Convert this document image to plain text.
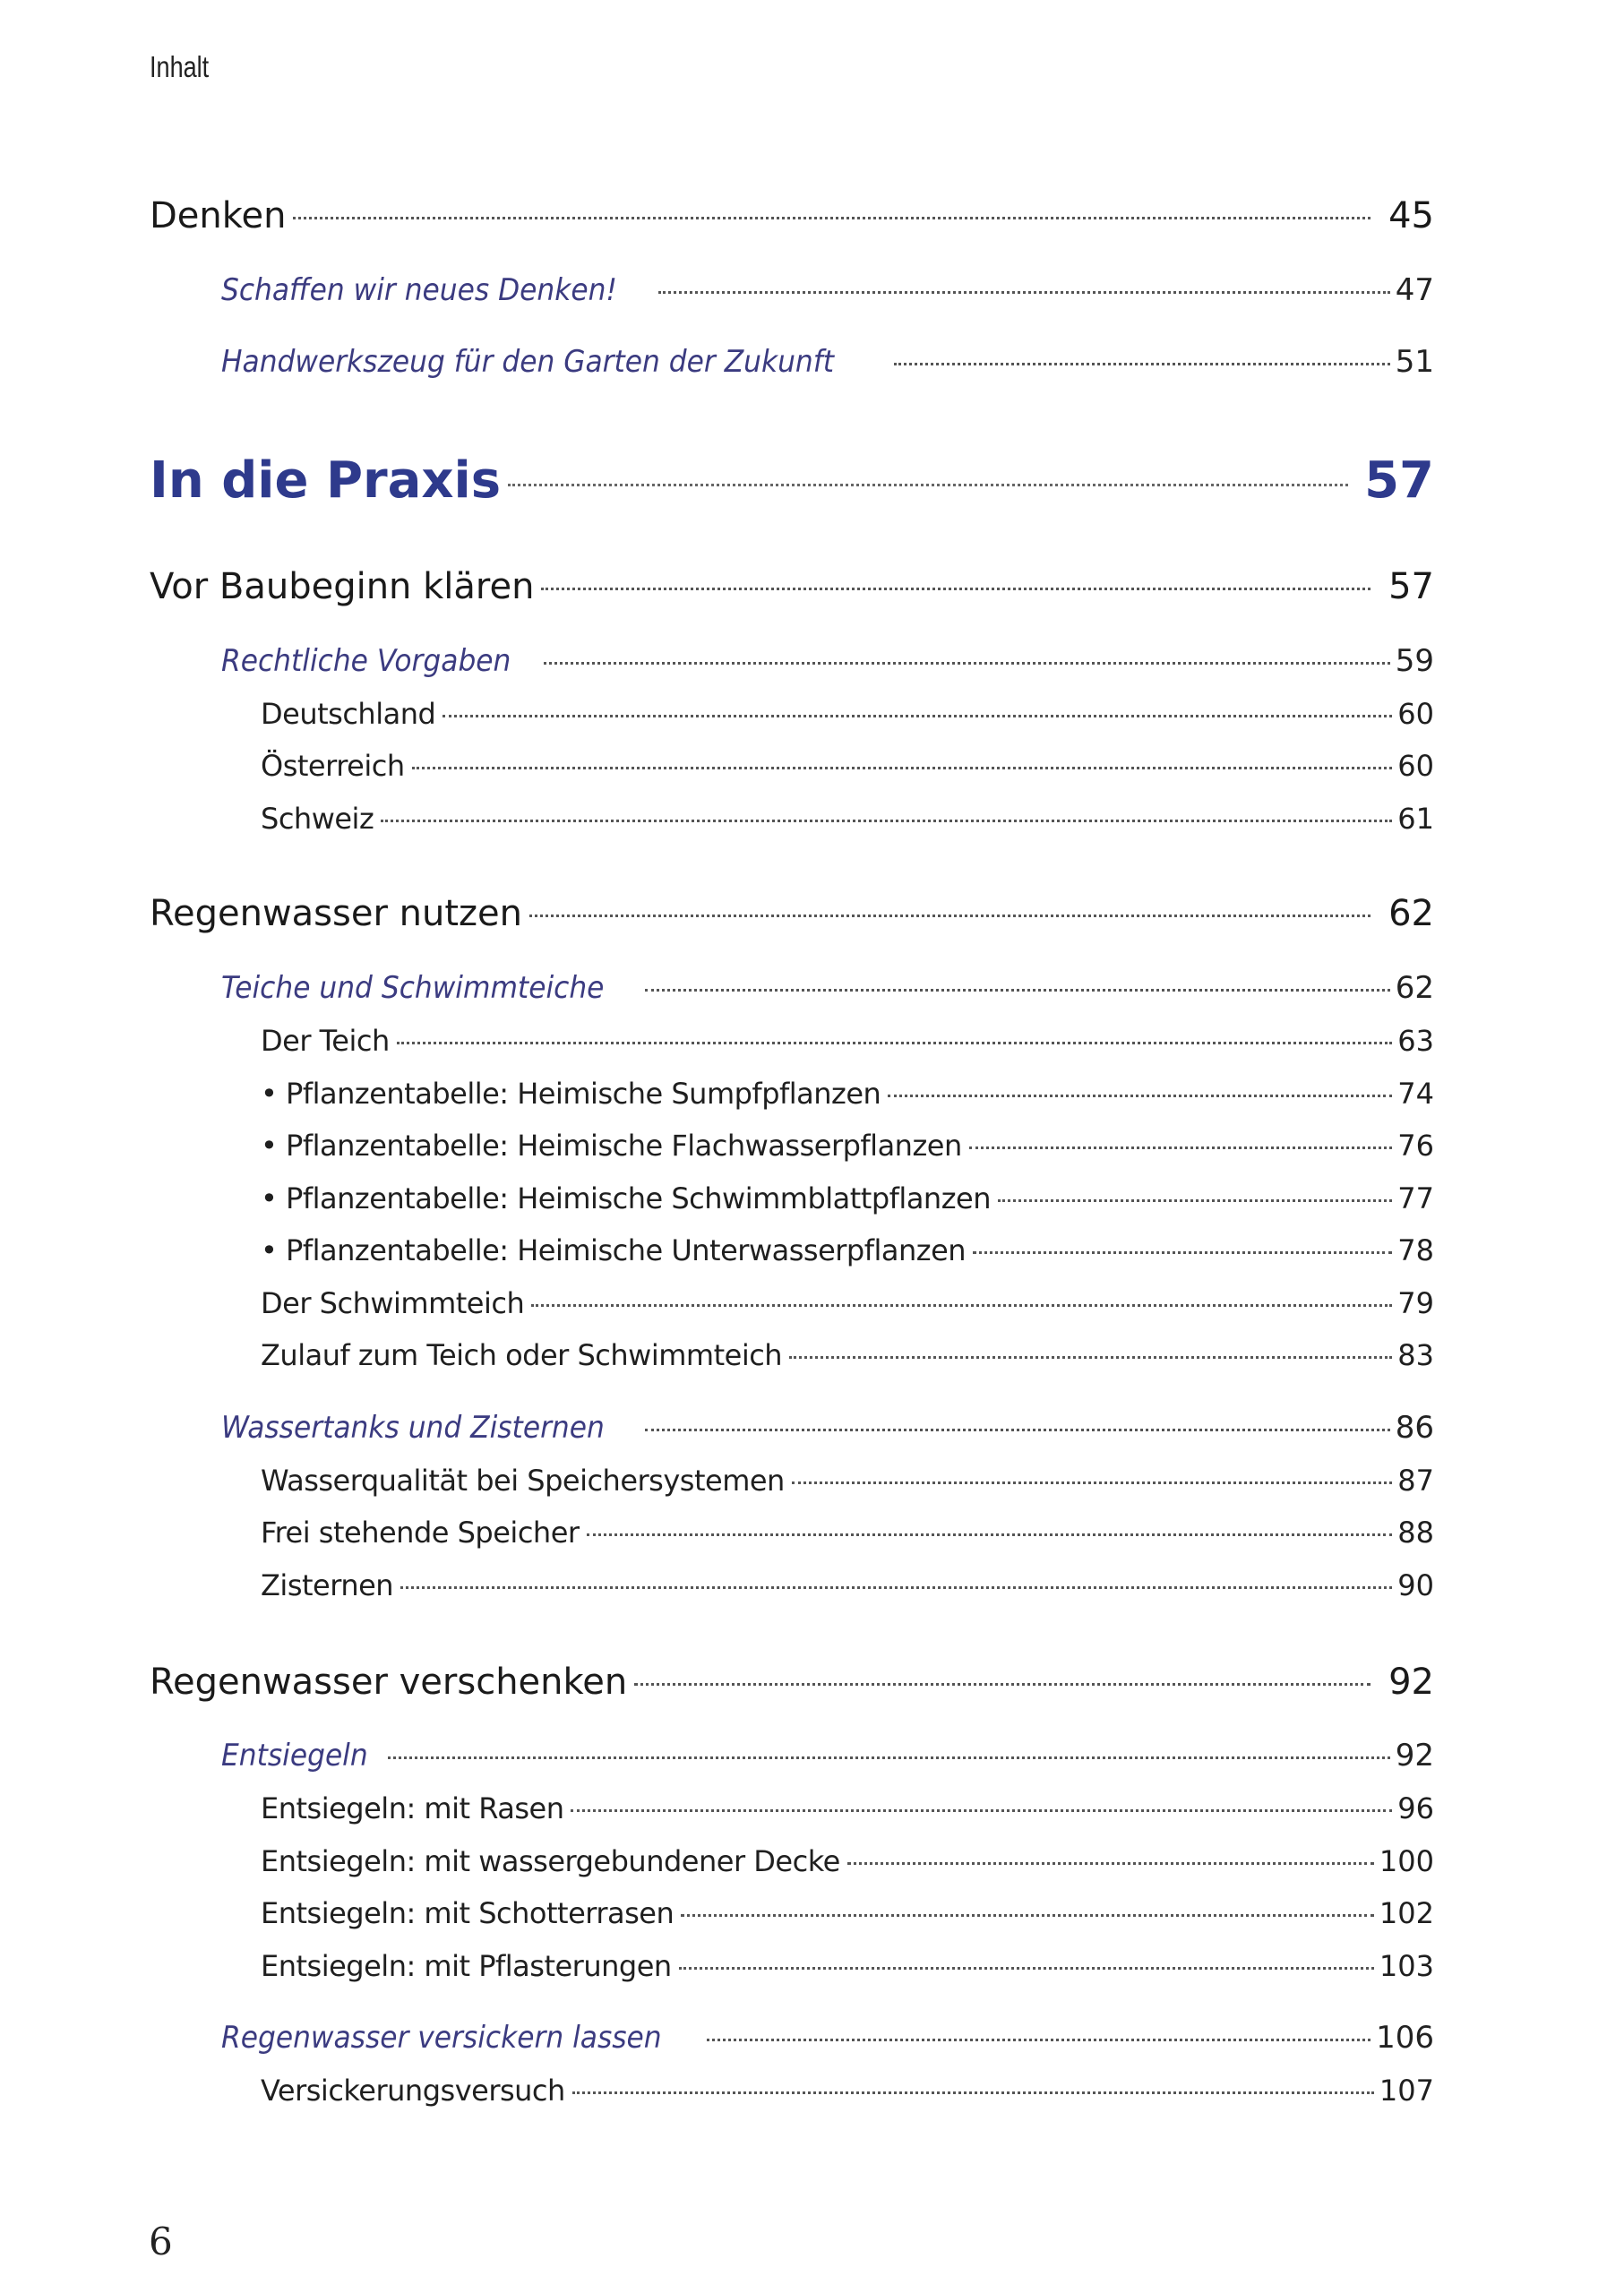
Inhalt
Denken	45
Schaffen wir neues Denken!	47
Handwerkszeug für den Garten der Zukunft	51
In die Praxis	57
Vor Baubeginn klären	57
Rechtliche Vorgaben	59
Deutschland	60
Österreich	60
Schweiz	61
Regenwasser nutzen	62
Teiche und Schwimmteiche	62
Der Teich	63
• Pflanzentabelle: Heimische Sumpfpflanzen	74
• Pflanzentabelle: Heimische Flachwasserpflanzen	76
• Pflanzentabelle: Heimische Schwimmblattpflanzen	77
• Pflanzentabelle: Heimische Unterwasserpflanzen	78
Der Schwimmteich	79
Zulauf zum Teich oder Schwimmteich	83
Wassertanks und Zisternen	86
Wasserqualität bei Speichersystemen	87
Frei stehende Speicher	88
Zisternen	90
Regenwasser verschenken	92
Entsiegeln	92
Entsiegeln: mit Rasen	96
Entsiegeln: mit wassergebundener Decke	100
Entsiegeln: mit Schotterrasen	102
Entsiegeln: mit Pflasterungen	103
Regenwasser versickern lassen	106
Versickerungsversuch	107
6
